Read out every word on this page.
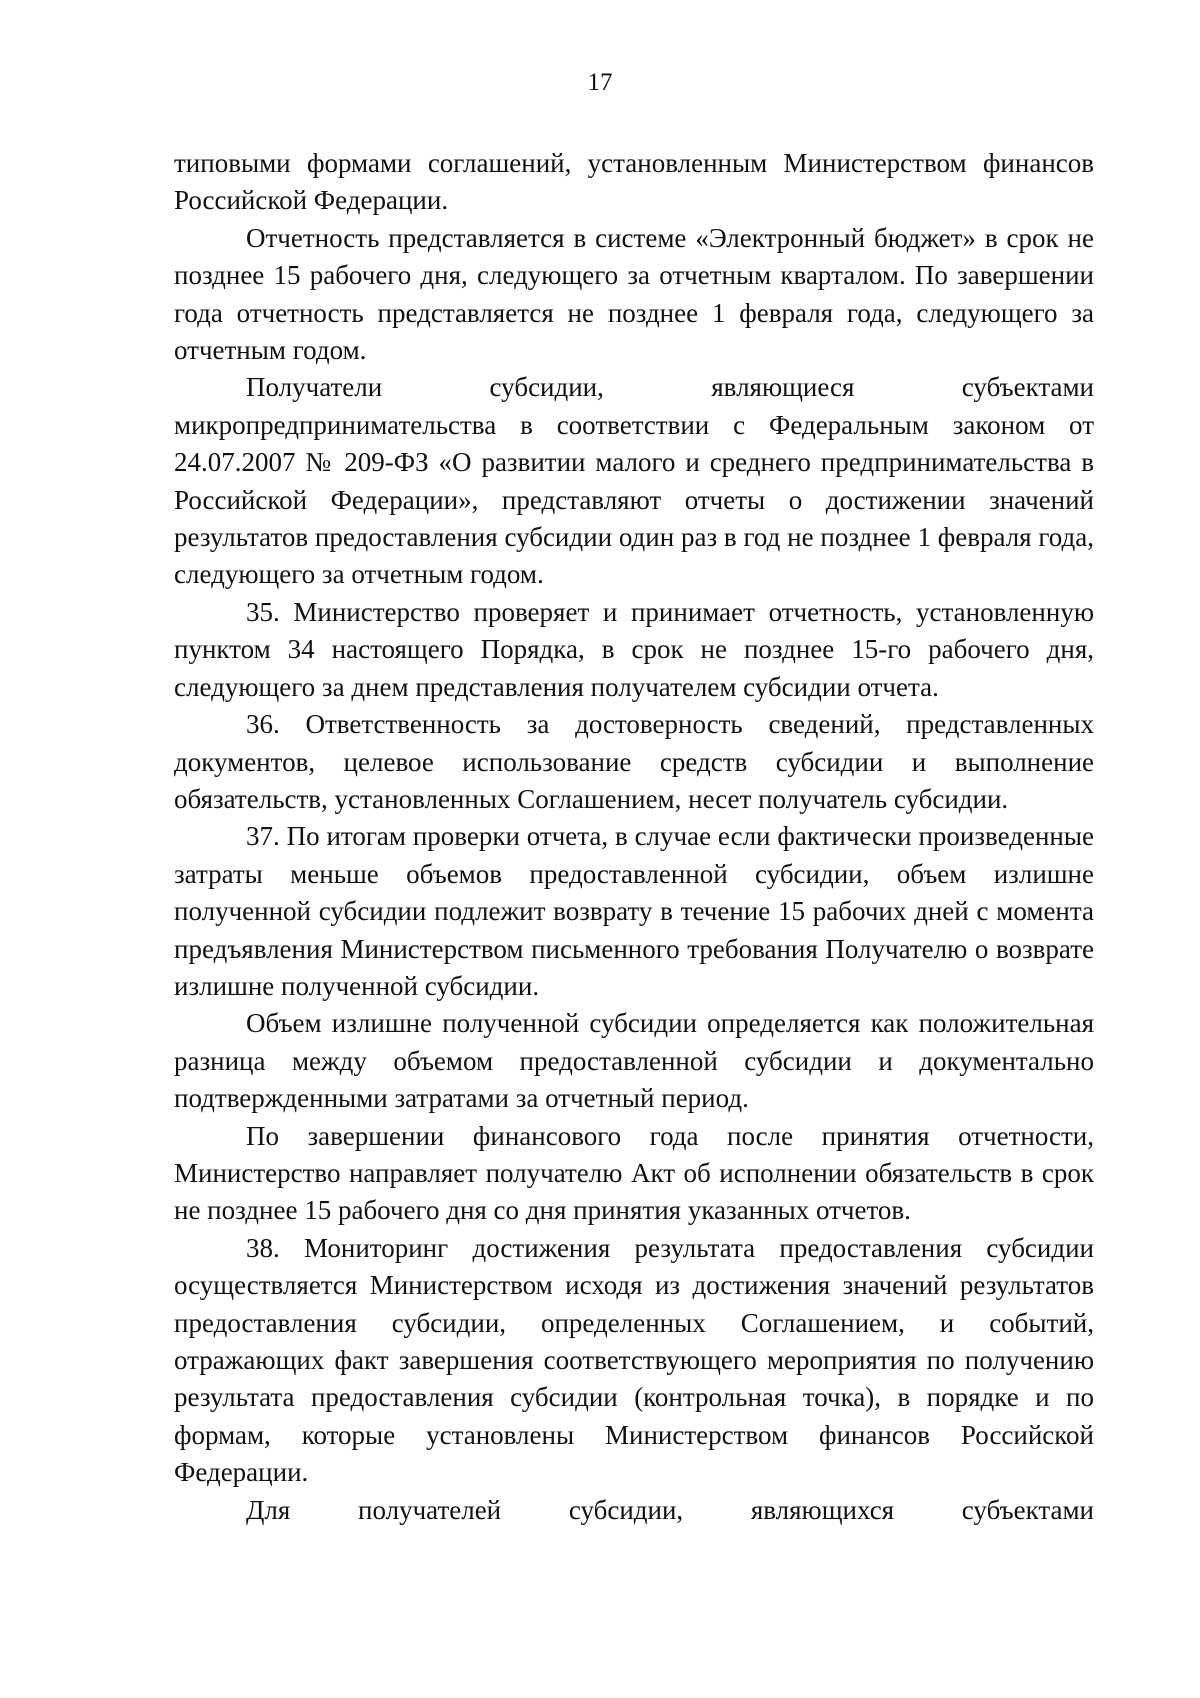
17

типовыми формами соглашений, установленным Министерством финансов Российской Федерации.

Отчетность представляется в системе «Электронный бюджет» в срок не позднее 15 рабочего дня, следующего за отчетным кварталом. По завершении года отчетность представляется не позднее 1 февраля года, следующего за отчетным годом.

Получатели субсидии, являющиеся субъектами микропредпринимательства в соответствии с Федеральным законом от 24.07.2007 № 209-ФЗ «О развитии малого и среднего предпринимательства в Российской Федерации», представляют отчеты о достижении значений результатов предоставления субсидии один раз в год не позднее 1 февраля года, следующего за отчетным годом.

35. Министерство проверяет и принимает отчетность, установленную пунктом 34 настоящего Порядка, в срок не позднее 15-го рабочего дня, следующего за днем представления получателем субсидии отчета.

36. Ответственность за достоверность сведений, представленных документов, целевое использование средств субсидии и выполнение обязательств, установленных Соглашением, несет получатель субсидии.

37. По итогам проверки отчета, в случае если фактически произведенные затраты меньше объемов предоставленной субсидии, объем излишне полученной субсидии подлежит возврату в течение 15 рабочих дней с момента предъявления Министерством письменного требования Получателю о возврате излишне полученной субсидии.

Объем излишне полученной субсидии определяется как положительная разница между объемом предоставленной субсидии и документально подтвержденными затратами за отчетный период.

По завершении финансового года после принятия отчетности, Министерство направляет получателю Акт об исполнении обязательств в срок не позднее 15 рабочего дня со дня принятия указанных отчетов.

38. Мониторинг достижения результата предоставления субсидии осуществляется Министерством исходя из достижения значений результатов предоставления субсидии, определенных Соглашением, и событий, отражающих факт завершения соответствующего мероприятия по получению результата предоставления субсидии (контрольная точка), в порядке и по формам, которые установлены Министерством финансов Российской Федерации.

Для получателей субсидии, являющихся субъектами
